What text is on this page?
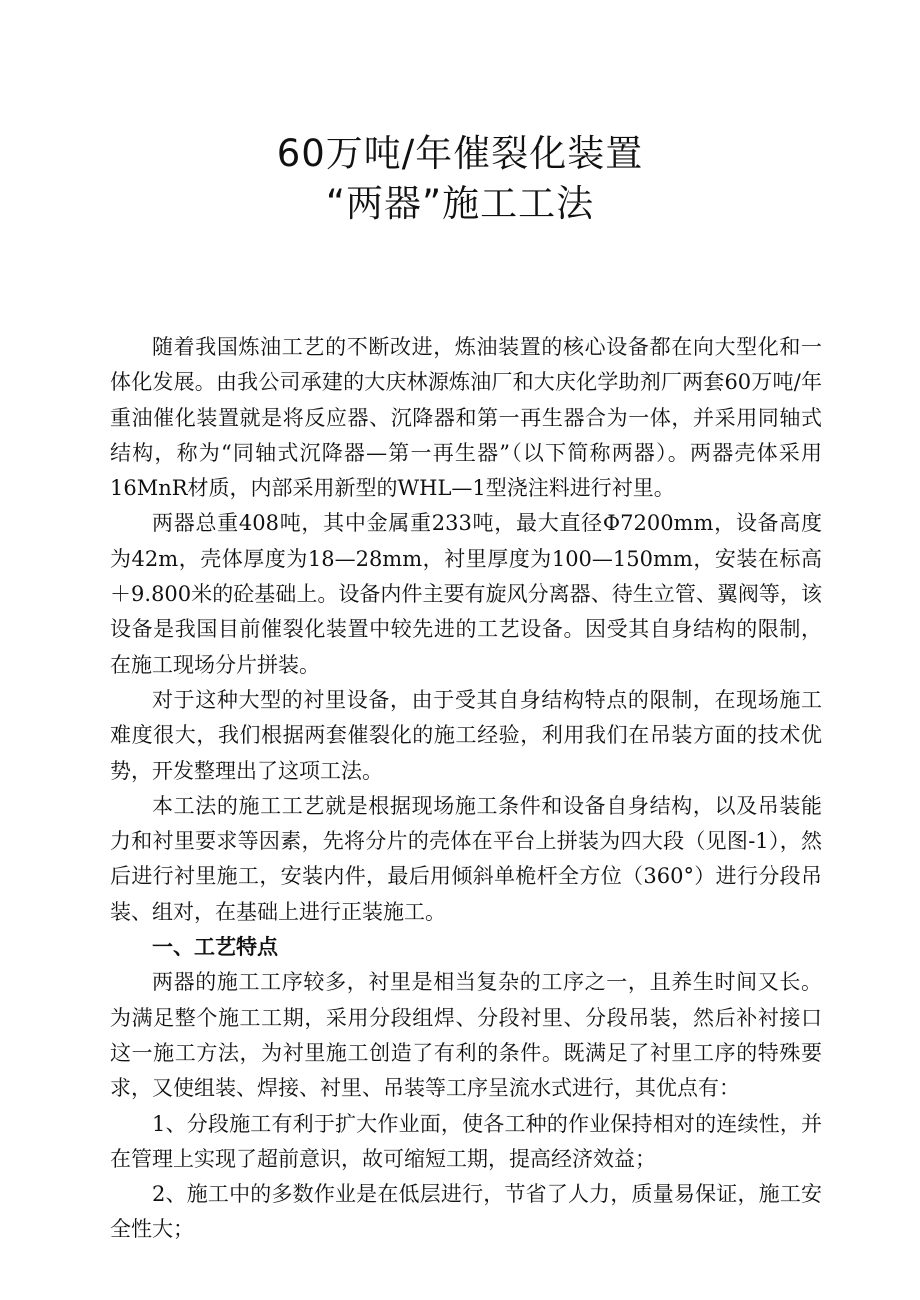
60万吨/年催裂化装置
“两器”施工工法

随着我国炼油工艺的不断改进，炼油装置的核心设备都在向大型化和一体化发展。由我公司承建的大庆林源炼油厂和大庆化学助剂厂两套60万吨/年重油催化装置就是将反应器、沉降器和第一再生器合为一体，并采用同轴式结构，称为“同轴式沉降器—第一再生器”（以下简称两器）。两器壳体采用16MnR材质，内部采用新型的WHL—1型浇注料进行衬里。

两器总重408吨，其中金属重233吨，最大直径Φ7200mm，设备高度为42m，壳体厚度为18—28mm，衬里厚度为100—150mm，安装在标高＋9.800米的砼基础上。设备内件主要有旋风分离器、待生立管、翼阀等，该设备是我国目前催裂化装置中较先进的工艺设备。因受其自身结构的限制，在施工现场分片拼装。

对于这种大型的衬里设备，由于受其自身结构特点的限制，在现场施工难度很大，我们根据两套催裂化的施工经验，利用我们在吊装方面的技术优势，开发整理出了这项工法。

本工法的施工工艺就是根据现场施工条件和设备自身结构，以及吊装能力和衬里要求等因素，先将分片的壳体在平台上拼装为四大段（见图-1），然后进行衬里施工，安装内件，最后用倾斜单桅杆全方位（360°）进行分段吊装、组对，在基础上进行正装施工。

一、工艺特点

两器的施工工序较多，衬里是相当复杂的工序之一，且养生时间又长。为满足整个施工工期，采用分段组焊、分段衬里、分段吊装，然后补衬接口这一施工方法，为衬里施工创造了有利的条件。既满足了衬里工序的特殊要求，又使组装、焊接、衬里、吊装等工序呈流水式进行，其优点有：

1、分段施工有利于扩大作业面，使各工种的作业保持相对的连续性，并在管理上实现了超前意识，故可缩短工期，提高经济效益；

2、施工中的多数作业是在低层进行，节省了人力，质量易保证，施工安全性大；
